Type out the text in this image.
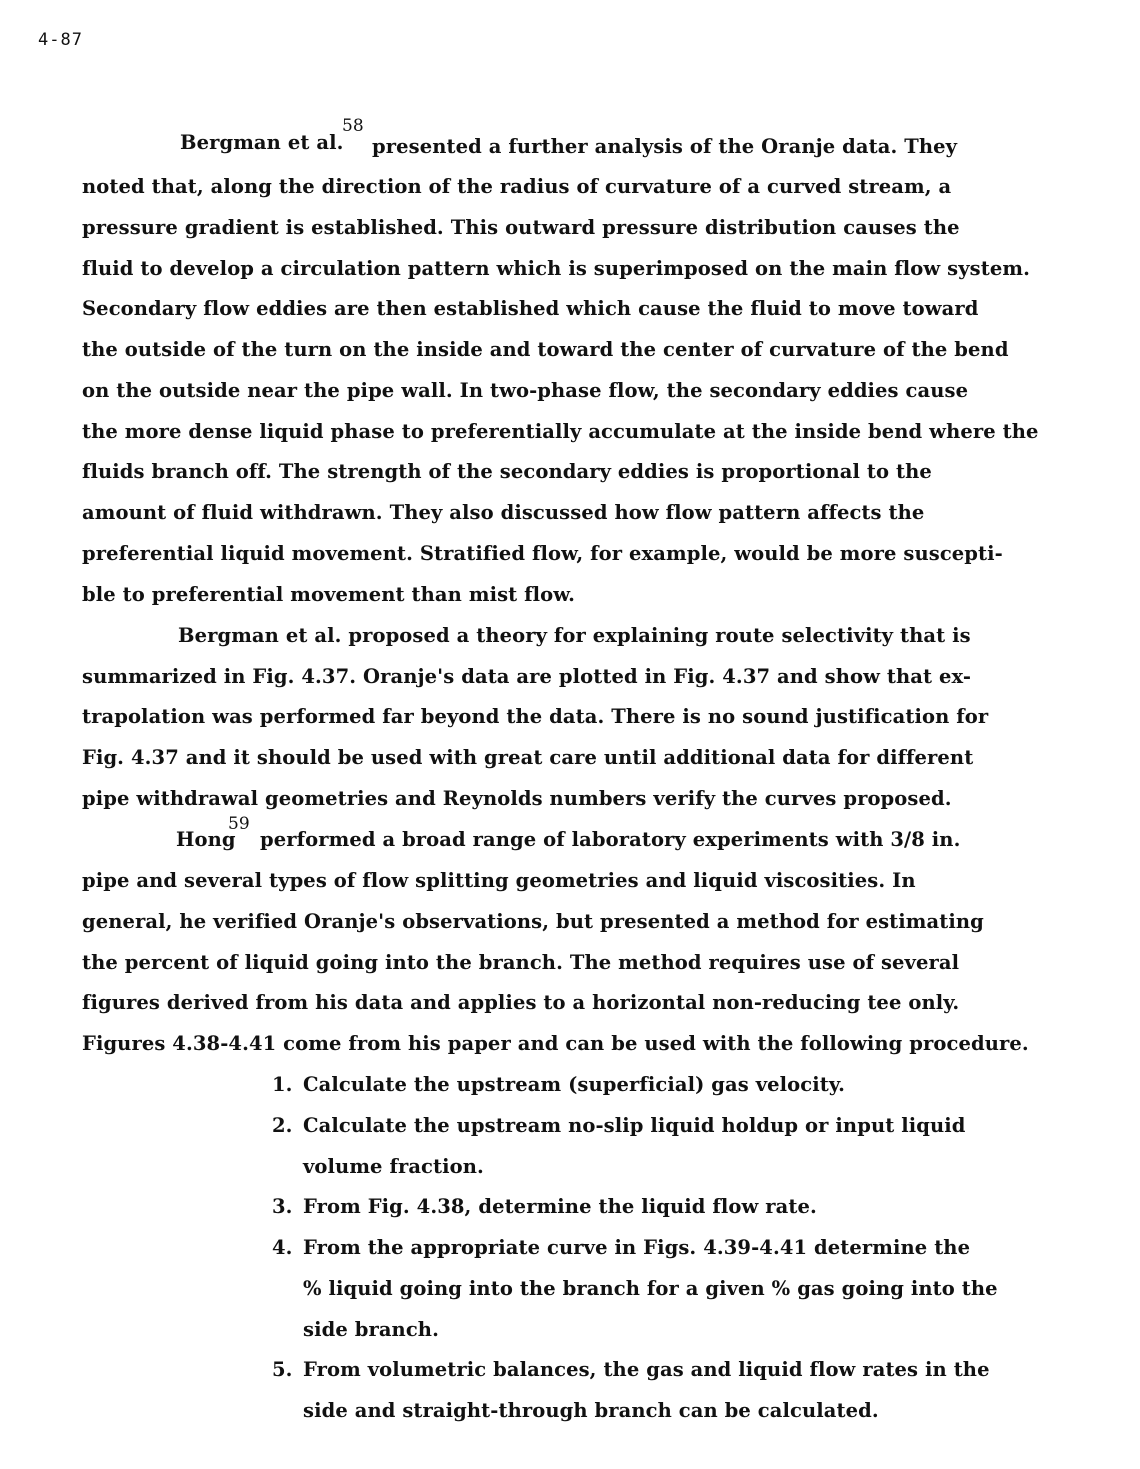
4-87
Bergman et al.
58
presented a further analysis of the Oranje data. They
noted that, along the direction of the radius of curvature of a curved stream, a
pressure gradient is established. This outward pressure distribution causes the
fluid to develop a circulation pattern which is superimposed on the main flow system.
Secondary flow eddies are then established which cause the fluid to move toward
the outside of the turn on the inside and toward the center of curvature of the bend
on the outside near the pipe wall. In two-phase flow, the secondary eddies cause
the more dense liquid phase to preferentially accumulate at the inside bend where the
fluids branch off. The strength of the secondary eddies is proportional to the
amount of fluid withdrawn. They also discussed how flow pattern affects the
preferential liquid movement. Stratified flow, for example, would be more suscepti-
ble to preferential movement than mist flow.
Bergman et al. proposed a theory for explaining route selectivity that is
summarized in Fig. 4.37. Oranje's data are plotted in Fig. 4.37 and show that ex-
trapolation was performed far beyond the data. There is no sound justification for
Fig. 4.37 and it should be used with great care until additional data for different
pipe withdrawal geometries and Reynolds numbers verify the curves proposed.
Hong
59
performed a broad range of laboratory experiments with 3/8 in.
pipe and several types of flow splitting geometries and liquid viscosities. In
general, he verified Oranje's observations, but presented a method for estimating
the percent of liquid going into the branch. The method requires use of several
figures derived from his data and applies to a horizontal non-reducing tee only.
Figures 4.38-4.41 come from his paper and can be used with the following procedure.
1. Calculate the upstream (superficial) gas velocity.
2. Calculate the upstream no-slip liquid holdup or input liquid
volume fraction.
3. From Fig. 4.38, determine the liquid flow rate.
4. From the appropriate curve in Figs. 4.39-4.41 determine the
% liquid going into the branch for a given % gas going into the
side branch.
5. From volumetric balances, the gas and liquid flow rates in the
side and straight-through branch can be calculated.
